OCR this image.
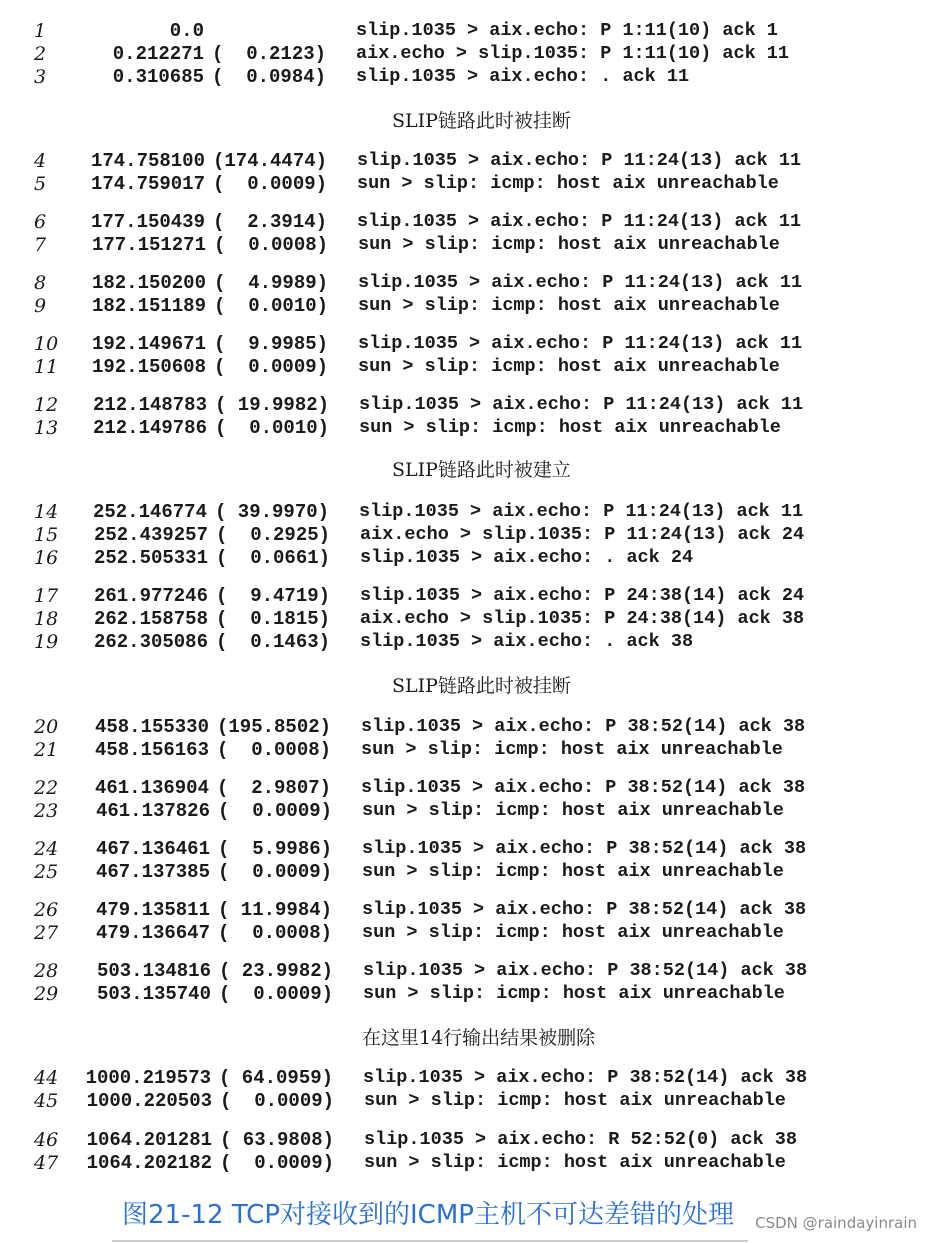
1	0.0	slip.1035 > aix.echo: P 1:11(10) ack 1
2	0.212271 (  0.2123)	aix.echo > slip.1035: P 1:11(10) ack 11
3	0.310685 (  0.0984)	slip.1035 > aix.echo: . ack 11
4	174.758100 (174.4474)	slip.1035 > aix.echo: P 11:24(13) ack 11
5	174.759017 (  0.0009)	sun > slip: icmp: host aix unreachable
6	177.150439 (  2.3914)	slip.1035 > aix.echo: P 11:24(13) ack 11
7	177.151271 (  0.0008)	sun > slip: icmp: host aix unreachable
8	182.150200 (  4.9989)	slip.1035 > aix.echo: P 11:24(13) ack 11
9	182.151189 (  0.0010)	sun > slip: icmp: host aix unreachable
10	192.149671 (  9.9985)	slip.1035 > aix.echo: P 11:24(13) ack 11
11	192.150608 (  0.0009)	sun > slip: icmp: host aix unreachable
12	212.148783 ( 19.9982)	slip.1035 > aix.echo: P 11:24(13) ack 11
13	212.149786 (  0.0010)	sun > slip: icmp: host aix unreachable
14	252.146774 ( 39.9970)	slip.1035 > aix.echo: P 11:24(13) ack 11
15	252.439257 (  0.2925)	aix.echo > slip.1035: P 11:24(13) ack 24
16	252.505331 (  0.0661)	slip.1035 > aix.echo: . ack 24
17	261.977246 (  9.4719)	slip.1035 > aix.echo: P 24:38(14) ack 24
18	262.158758 (  0.1815)	aix.echo > slip.1035: P 24:38(14) ack 38
19	262.305086 (  0.1463)	slip.1035 > aix.echo: . ack 38
20	458.155330 (195.8502)	slip.1035 > aix.echo: P 38:52(14) ack 38
21	458.156163 (  0.0008)	sun > slip: icmp: host aix unreachable
22	461.136904 (  2.9807)	slip.1035 > aix.echo: P 38:52(14) ack 38
23	461.137826 (  0.0009)	sun > slip: icmp: host aix unreachable
24	467.136461 (  5.9986)	slip.1035 > aix.echo: P 38:52(14) ack 38
25	467.137385 (  0.0009)	sun > slip: icmp: host aix unreachable
26	479.135811 ( 11.9984)	slip.1035 > aix.echo: P 38:52(14) ack 38
27	479.136647 (  0.0008)	sun > slip: icmp: host aix unreachable
28	503.134816 ( 23.9982)	slip.1035 > aix.echo: P 38:52(14) ack 38
29	503.135740 (  0.0009)	sun > slip: icmp: host aix unreachable
44	1000.219573 ( 64.0959)	slip.1035 > aix.echo: P 38:52(14) ack 38
45	1000.220503 (  0.0009)	sun > slip: icmp: host aix unreachable
46	1064.201281 ( 63.9808)	slip.1035 > aix.echo: R 52:52(0) ack 38
47	1064.202182 (  0.0009)	sun > slip: icmp: host aix unreachable
SLIP链路此时被挂断
SLIP链路此时被建立
SLIP链路此时被挂断
在这里14行输出结果被删除
图21-12 TCP对接收到的ICMP主机不可达差错的处理 CSDN @raindayinrain
